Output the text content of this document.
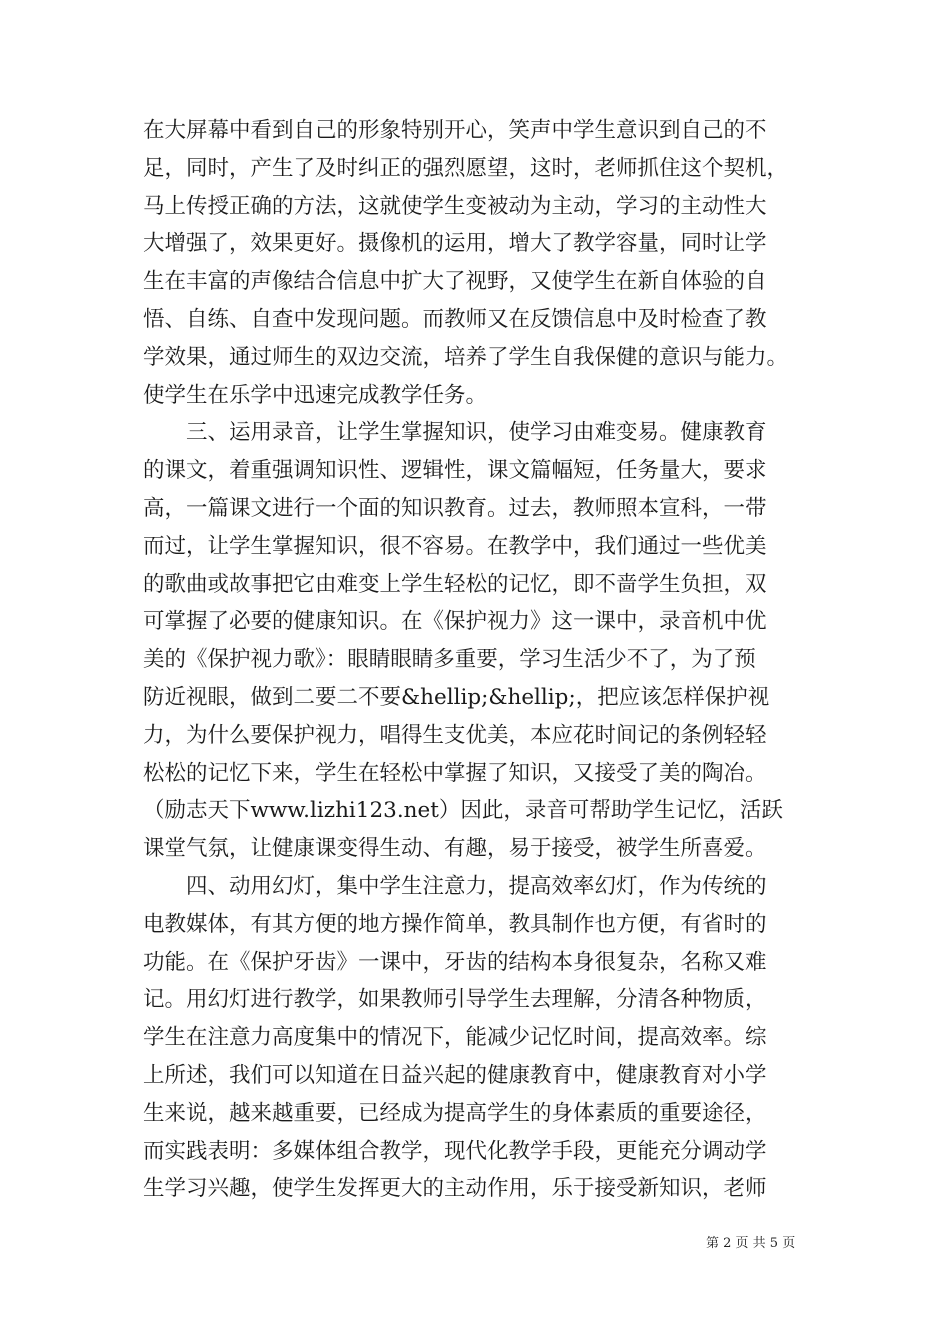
在大屏幕中看到自己的形象特别开心，笑声中学生意识到自己的不
足，同时，产生了及时纠正的强烈愿望，这时，老师抓住这个契机，
马上传授正确的方法，这就使学生变被动为主动，学习的主动性大
大增强了，效果更好。摄像机的运用，增大了教学容量，同时让学
生在丰富的声像结合信息中扩大了视野，又使学生在新自体验的自
悟、自练、自查中发现问题。而教师又在反馈信息中及时检查了教
学效果，通过师生的双边交流，培养了学生自我保健的意识与能力。
使学生在乐学中迅速完成教学任务。
　　三、运用录音，让学生掌握知识，使学习由难变易。健康教育
的课文，着重强调知识性、逻辑性，课文篇幅短，任务量大，要求
高，一篇课文进行一个面的知识教育。过去，教师照本宣科，一带
而过，让学生掌握知识，很不容易。在教学中，我们通过一些优美
的歌曲或故事把它由难变上学生轻松的记忆，即不啬学生负担，双
可掌握了必要的健康知识。在《保护视力》这一课中，录音机中优
美的《保护视力歌》：眼睛眼睛多重要，学习生活少不了，为了预
防近视眼，做到二要二不要&hellip;&hellip;，把应该怎样保护视
力，为什么要保护视力，唱得生支优美，本应花时间记的条例轻轻
松松的记忆下来，学生在轻松中掌握了知识，又接受了美的陶冶。
（励志天下www.lizhi123.net）因此，录音可帮助学生记忆，活跃
课堂气氛，让健康课变得生动、有趣，易于接受，被学生所喜爱。
　　四、动用幻灯，集中学生注意力，提高效率幻灯，作为传统的
电教媒体，有其方便的地方操作简单，教具制作也方便，有省时的
功能。在《保护牙齿》一课中，牙齿的结构本身很复杂，名称又难
记。用幻灯进行教学，如果教师引导学生去理解，分清各种物质，
学生在注意力高度集中的情况下，能减少记忆时间，提高效率。综
上所述，我们可以知道在日益兴起的健康教育中，健康教育对小学
生来说，越来越重要，已经成为提高学生的身体素质的重要途径，
而实践表明：多媒体组合教学，现代化教学手段，更能充分调动学
生学习兴趣，使学生发挥更大的主动作用，乐于接受新知识，老师
第 2 页 共 5 页
